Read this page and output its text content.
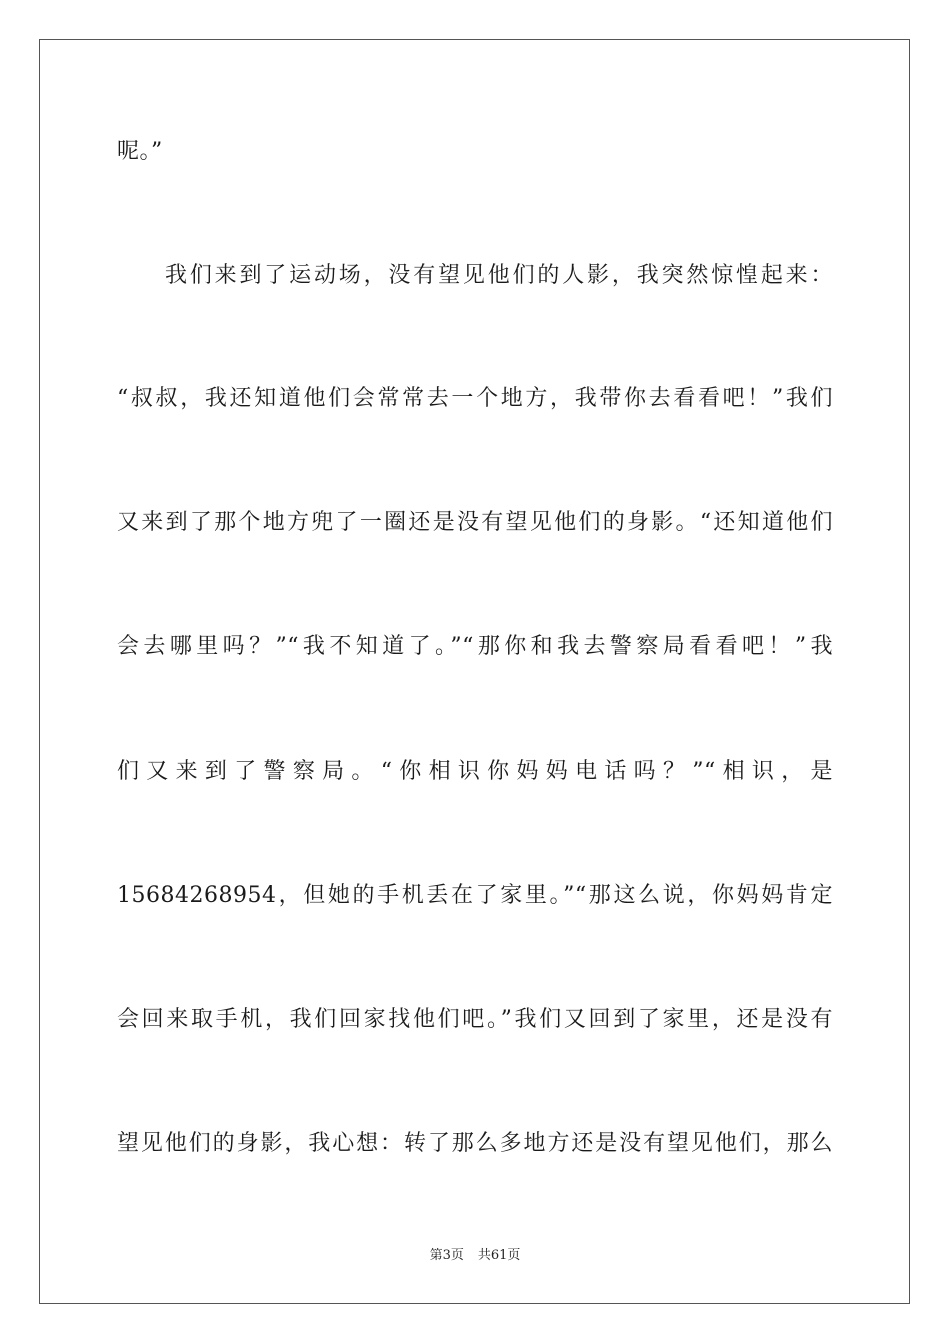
呢。”
我们来到了运动场，没有望见他们的人影，我突然惊惶起来：
“叔叔，我还知道他们会常常去一个地方，我带你去看看吧！”我们
又来到了那个地方兜了一圈还是没有望见他们的身影。“还知道他们
会去哪里吗？”“我不知道了。”“那你和我去警察局看看吧！”我
们又来到了警察局。“你相识你妈妈电话吗？”“相识，是
15684268954，但她的手机丢在了家里。”“那这么说，你妈妈肯定
会回来取手机，我们回家找他们吧。”我们又回到了家里，还是没有
望见他们的身影，我心想：转了那么多地方还是没有望见他们，那么
第3页 共61页
